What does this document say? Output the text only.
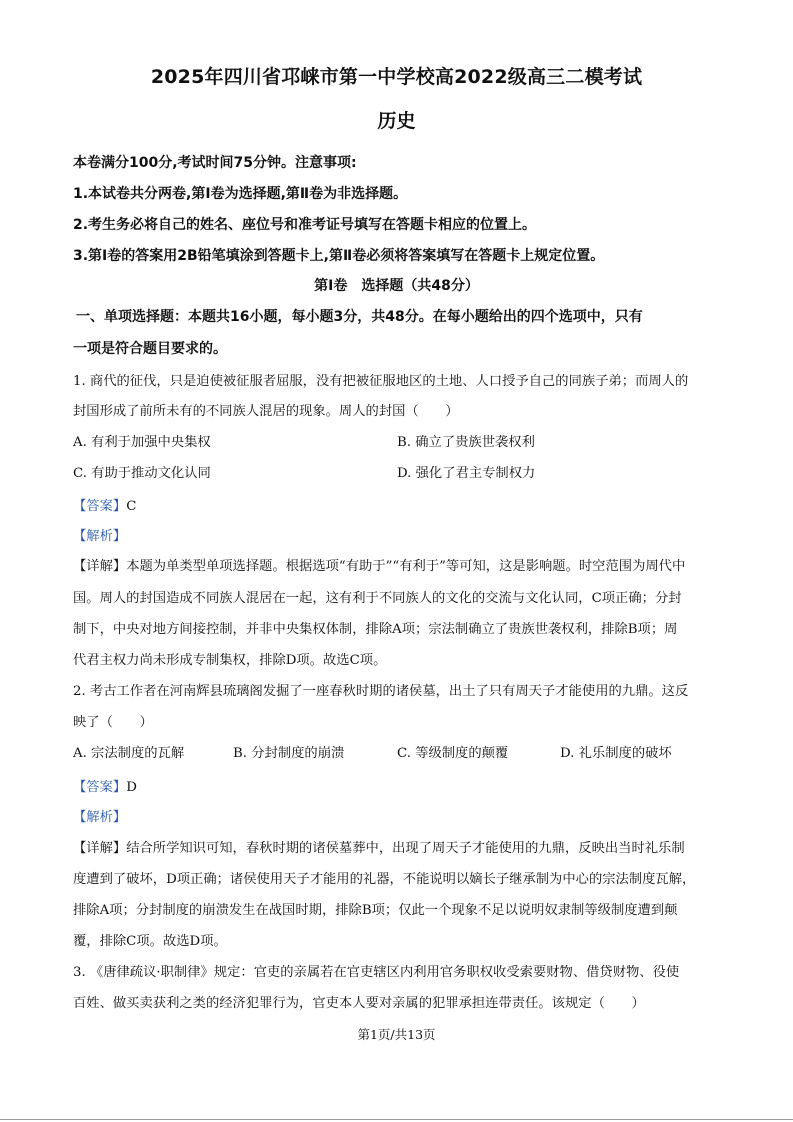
2025年四川省邛崃市第一中学校高2022级高三二模考试
历史
本卷满分100分,考试时间75分钟。注意事项:
1.本试卷共分两卷,第Ⅰ卷为选择题,第Ⅱ卷为非选择题。
2.考生务必将自己的姓名、座位号和准考证号填写在答题卡相应的位置上。
3.第Ⅰ卷的答案用2B铅笔填涂到答题卡上,第Ⅱ卷必须将答案填写在答题卡上规定位置。
第Ⅰ卷　选择题（共48分）
一、单项选择题：本题共16小题，每小题3分，共48分。在每小题给出的四个选项中，只有
一项是符合题目要求的。
1. 商代的征伐，只是迫使被征服者屈服，没有把被征服地区的土地、人口授予自己的同族子弟；而周人的
封国形成了前所未有的不同族人混居的现象。周人的封国（　　）
A. 有利于加强中央集权	B. 确立了贵族世袭权利
C. 有助于推动文化认同	D. 强化了君主专制权力
【答案】C
【解析】
【详解】本题为单类型单项选择题。根据选项“有助于”“有利于”等可知，这是影响题。时空范围为周代中
国。周人的封国造成不同族人混居在一起，这有利于不同族人的文化的交流与文化认同，C项正确；分封
制下，中央对地方间接控制，并非中央集权体制，排除A项；宗法制确立了贵族世袭权利，排除B项；周
代君主权力尚未形成专制集权，排除D项。故选C项。
2. 考古工作者在河南辉县琉璃阁发掘了一座春秋时期的诸侯墓，出土了只有周天子才能使用的九鼎。这反
映了（　　）
A. 宗法制度的瓦解	B. 分封制度的崩溃	C. 等级制度的颠覆	D. 礼乐制度的破坏
【答案】D
【解析】
【详解】结合所学知识可知，春秋时期的诸侯墓葬中，出现了周天子才能使用的九鼎，反映出当时礼乐制
度遭到了破坏，D项正确；诸侯使用天子才能用的礼器，不能说明以嫡长子继承制为中心的宗法制度瓦解，
排除A项；分封制度的崩溃发生在战国时期，排除B项；仅此一个现象不足以说明奴隶制等级制度遭到颠
覆，排除C项。故选D项。
3. 《唐律疏议·职制律》规定：官吏的亲属若在官吏辖区内利用官务职权收受索要财物、借贷财物、役使
百姓、做买卖获利之类的经济犯罪行为，官吏本人要对亲属的犯罪承担连带责任。该规定（　　）
第1页/共13页
